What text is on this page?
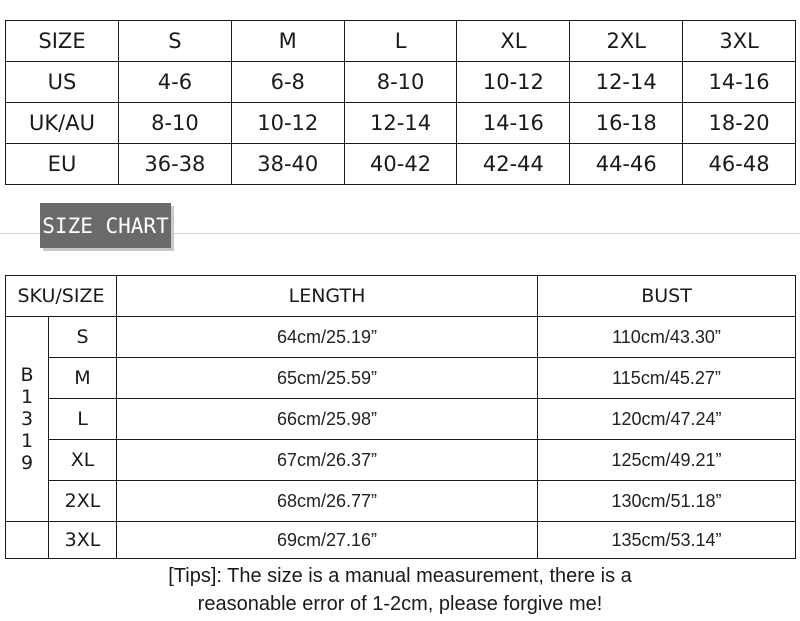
SIZE	S	M	L	XL	2XL	3XL
US	4-6	6-8	8-10	10-12	12-14	14-16
UK/AU	8-10	10-12	12-14	14-16	16-18	18-20
EU	36-38	38-40	40-42	42-44	44-46	46-48
SIZE CHART
SKU/SIZE		LENGTH	BUST
B1319	S	64cm/25.19”	110cm/43.30”
	M	65cm/25.59”	115cm/45.27”
	L	66cm/25.98”	120cm/47.24”
	XL	67cm/26.37”	125cm/49.21”
	2XL	68cm/26.77”	130cm/51.18”
	3XL	69cm/27.16”	135cm/53.14”
[Tips]: The size is a manual measurement, there is a
reasonable error of 1-2cm, please forgive me!
